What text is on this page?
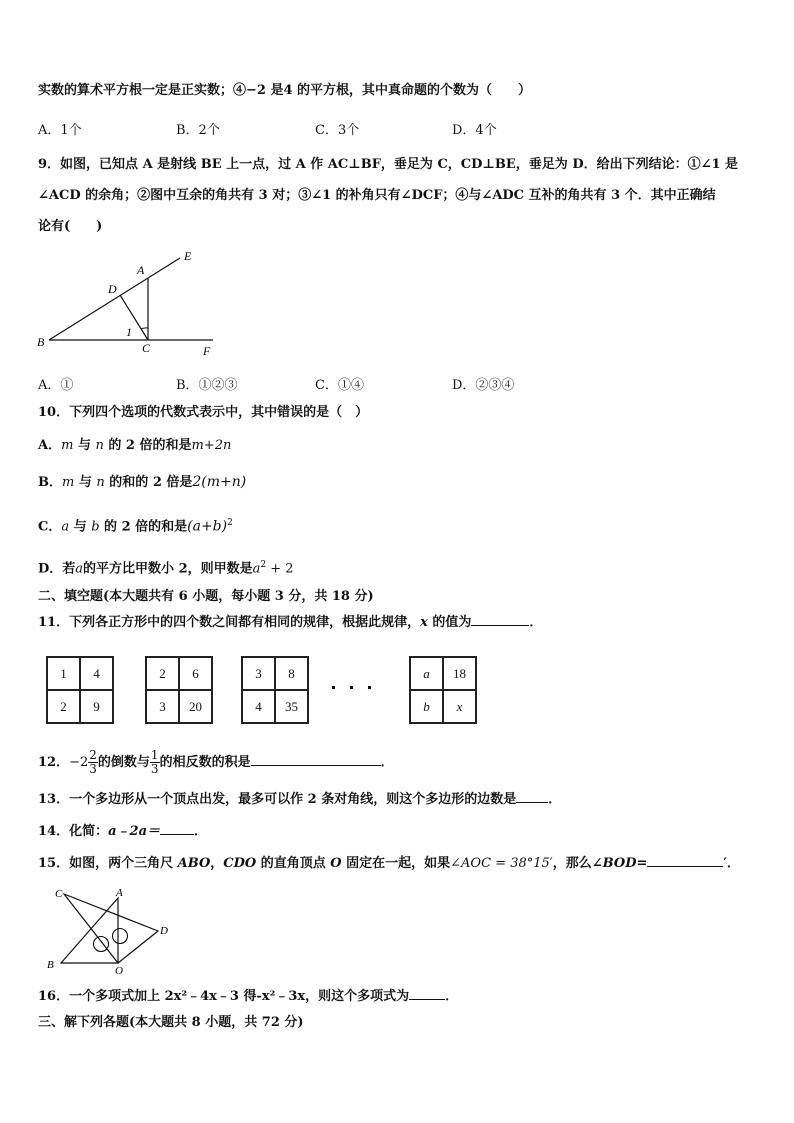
实数的算术平方根一定是正实数；④−2 是4 的平方根，其中真命题的个数为（　　）
A．1个	B．2个	C．3个	D．4个
9．如图，已知点 A 是射线 BE 上一点，过 A 作 AC⊥BF，垂足为 C，CD⊥BE，垂足为 D．给出下列结论：①∠1 是
∠ACD 的余角；②图中互余的角共有 3 对；③∠1 的补角只有∠DCF；④与∠ADC 互补的角共有 3 个．其中正确结
论有(　　)
A
E
D
B	C	F
1
A．①	B．①②③	C．①④	D．②③④
10．下列四个选项的代数式表示中，其中错误的是（　）
A．m 与 n 的 2 倍的和是m+2n
B．m 与 n 的和的 2 倍是2(m+n)
C．a 与 b 的 2 倍的和是$(a+b)^2$
D．若a的平方比甲数小 2，则甲数是$a^2 + 2$
二、填空题(本大题共有 6 小题，每小题 3 分，共 18 分)
11．下列各正方形中的四个数之间都有相同的规律，根据此规律，x 的值为	．
1	4
2	9
2	6
3	20
3	8
4	35
a	18
b	x
12．$-2 \frac{2}{3}$ 的倒数与 $\frac{1}{3}$ 的相反数的积是	．
13．一个多边形从一个顶点出发，最多可以作 2 条对角线，则这个多边形的边数是 ．
14．化简：a﹣2a＝	．
15．如图，两个三角尺 ABO，CDO 的直角顶点 O 固定在一起，如果∠AOC = 38°15′，那么∠BOD=	′．
C	A
D
B	O
16．一个多项式加上 2x²﹣4x﹣3 得-x²﹣3x，则这个多项式为	．
三、解下列各题(本大题共 8 小题，共 72 分)
